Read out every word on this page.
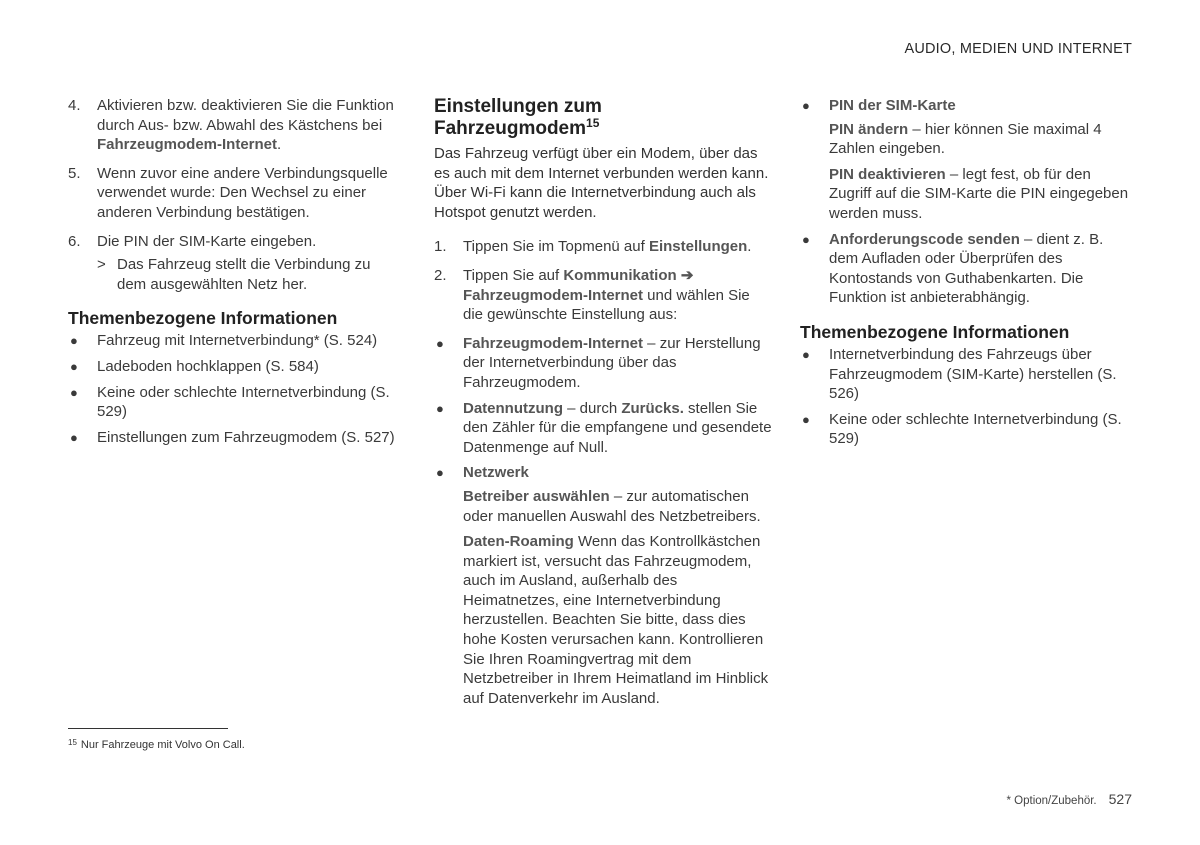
AUDIO, MEDIEN UND INTERNET
4. Aktivieren bzw. deaktivieren Sie die Funktion durch Aus- bzw. Abwahl des Kästchens bei Fahrzeugmodem-Internet.
5. Wenn zuvor eine andere Verbindungsquelle verwendet wurde: Den Wechsel zu einer anderen Verbindung bestätigen.
6. Die PIN der SIM-Karte eingeben.
> Das Fahrzeug stellt die Verbindung zu dem ausgewählten Netz her.
Themenbezogene Informationen
● Fahrzeug mit Internetverbindung* (S. 524)
● Ladeboden hochklappen (S. 584)
● Keine oder schlechte Internetverbindung (S. 529)
● Einstellungen zum Fahrzeugmodem (S. 527)
Einstellungen zum Fahrzeugmodem$^{15}$

Das Fahrzeug verfügt über ein Modem, über das es auch mit dem Internet verbunden werden kann. Über Wi-Fi kann die Internetverbindung auch als Hotspot genutzt werden.

1. Tippen Sie im Topmenü auf Einstellungen.
2. Tippen Sie auf Kommunikation ➔
Fahrzeugmodem-Internet und wählen Sie die gewünschte Einstellung aus:
● Fahrzeugmodem-Internet – zur Herstellung der Internetverbindung über das Fahrzeugmodem.
● Datennutzung – durch Zurücks. stellen Sie den Zähler für die empfangene und gesendete Datenmenge auf Null.
● Netzwerk

Betreiber auswählen – zur automatischen oder manuellen Auswahl des Netzbetreibers.

Daten-Roaming Wenn das Kontrollkästchen markiert ist, versucht das Fahrzeugmodem, auch im Ausland, außerhalb des Heimatnetzes, eine Internetverbindung herzustellen. Beachten Sie bitte, dass dies hohe Kosten verursachen kann. Kontrollieren Sie Ihren Roamingvertrag mit dem Netzbetreiber in Ihrem Heimatland im Hinblick auf Datenverkehr im Ausland.

● PIN der SIM-Karte

PIN ändern – hier können Sie maximal 4 Zahlen eingeben.

PIN deaktivieren – legt fest, ob für den Zugriff auf die SIM-Karte die PIN eingegeben werden muss.

● Anforderungscode senden – dient z. B. dem Aufladen oder Überprüfen des Kontostands von Guthabenkarten. Die Funktion ist anbieterabhängig.
Themenbezogene Informationen
● Internetverbindung des Fahrzeugs über Fahrzeugmodem (SIM-Karte) herstellen (S. 526)
● Keine oder schlechte Internetverbindung (S. 529)
$^{15}$ Nur Fahrzeuge mit Volvo On Call.
* Option/Zubehör. 527
